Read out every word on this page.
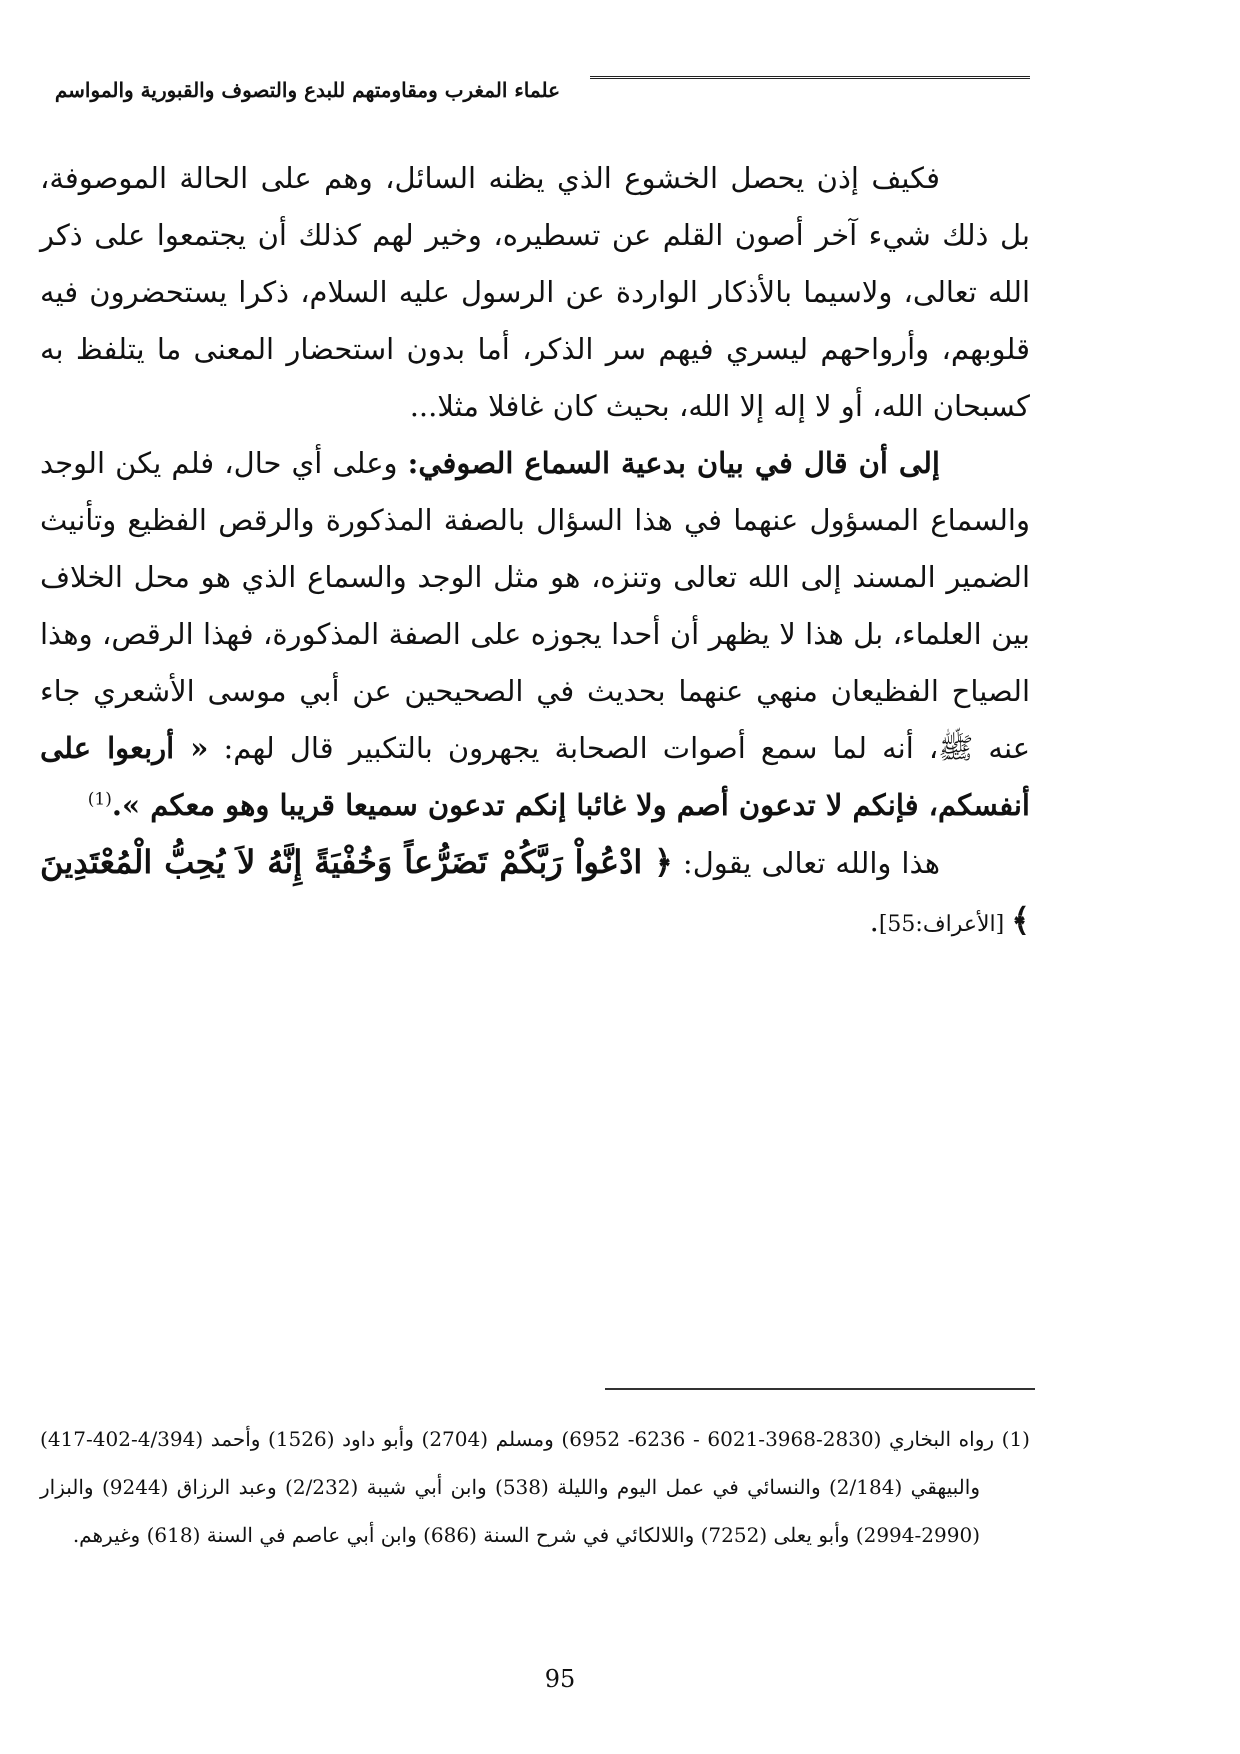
علماء المغرب ومقاومتهم للبدع والتصوف والقبورية والمواسم

فكيف إذن يحصل الخشوع الذي يظنه السائل، وهم على الحالة الموصوفة، بل ذلك شيء آخر أصون القلم عن تسطيره، وخير لهم كذلك أن يجتمعوا على ذكر الله تعالى، ولاسيما بالأذكار الواردة عن الرسول عليه السلام، ذكرا يستحضرون فيه قلوبهم، وأرواحهم ليسري فيهم سر الذكر، أما بدون استحضار المعنى ما يتلفظ به كسبحان الله، أو لا إله إلا الله، بحيث كان غافلا مثلا...

إلى أن قال في بيان بدعية السماع الصوفي: وعلى أي حال، فلم يكن الوجد والسماع المسؤول عنهما في هذا السؤال بالصفة المذكورة والرقص الفظيع وتأنيث الضمير المسند إلى الله تعالى وتنزه، هو مثل الوجد والسماع الذي هو محل الخلاف بين العلماء، بل هذا لا يظهر أن أحدا يجوزه على الصفة المذكورة، فهذا الرقص، وهذا الصياح الفظيعان منهي عنهما بحديث في الصحيحين عن أبي موسى الأشعري جاء عنه ﷺ، أنه لما سمع أصوات الصحابة يجهرون بالتكبير قال لهم: « أربعوا على أنفسكم، فإنكم لا تدعون أصم ولا غائبا إنكم تدعون سميعا قريبا وهو معكم ».$^{(1)}$

هذا والله تعالى يقول: ﴿ ادْعُواْ رَبَّكُمْ تَضَرُّعاً وَخُفْيَةً إِنَّهُ لاَ يُحِبُّ الْمُعْتَدِينَ ﴾ [الأعراف:55].

(1) رواه البخاري (2830-3968-6021 - 6236- 6952) ومسلم (2704) وأبو داود (1526) وأحمد (4/394-402-417) والبيهقي (2/184) والنسائي في عمل اليوم والليلة (538) وابن أبي شيبة (2/232) وعبد الرزاق (9244) والبزار (2990-2994) وأبو يعلى (7252) واللالكائي في شرح السنة (686) وابن أبي عاصم في السنة (618) وغيرهم.

95
